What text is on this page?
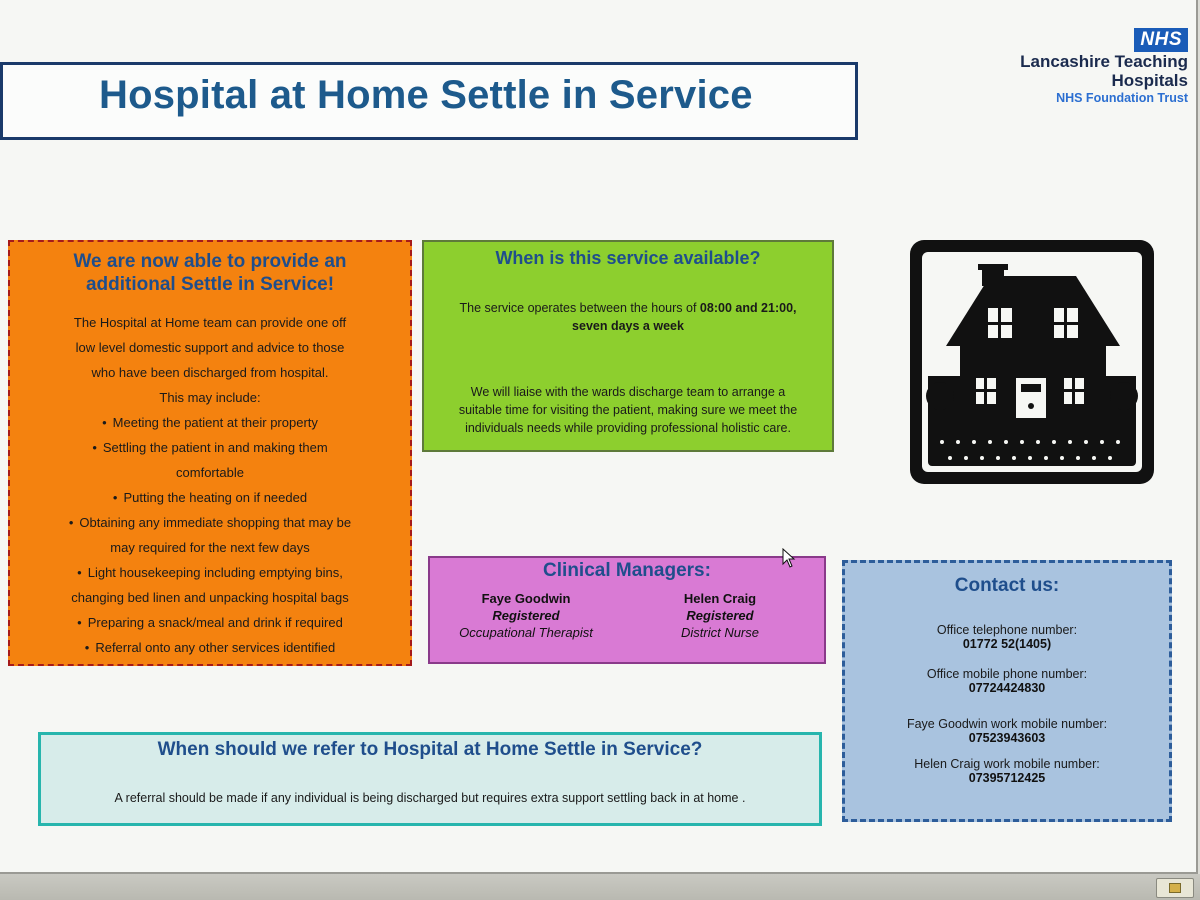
Hospital at Home Settle in Service
NHS
Lancashire Teaching
Hospitals
NHS Foundation Trust
We are now able to provide an
additional Settle in Service!
The Hospital at Home team can provide one off
low level domestic support and advice to those
who have been discharged from hospital.
This may include:
• Meeting the patient at their property
• Settling the patient in and making them
comfortable
• Putting the heating on if needed
• Obtaining any immediate shopping that may be
may required for the next few days
• Light housekeeping including emptying bins,
changing bed linen and unpacking hospital bags
• Preparing a snack/meal and drink if required
• Referral onto any other services identified
When is this service available?

The service operates between the hours of 08:00 and 21:00,
seven days a week

We will liaise with the wards discharge team to arrange a
suitable time for visiting the patient, making sure we meet the
individuals needs while providing professional holistic care.

Clinical Managers:
Faye Goodwin
Registered
Occupational Therapist
Helen Craig
Registered
District Nurse
Contact us:
Office telephone number:
01772 52(1405)
Office mobile phone number:
07724424830
Faye Goodwin work mobile number:
07523943603
Helen Craig work mobile number:
07395712425
When should we refer to Hospital at Home Settle in Service?

A referral should be made if any individual is being discharged but requires extra support settling back in at home .
